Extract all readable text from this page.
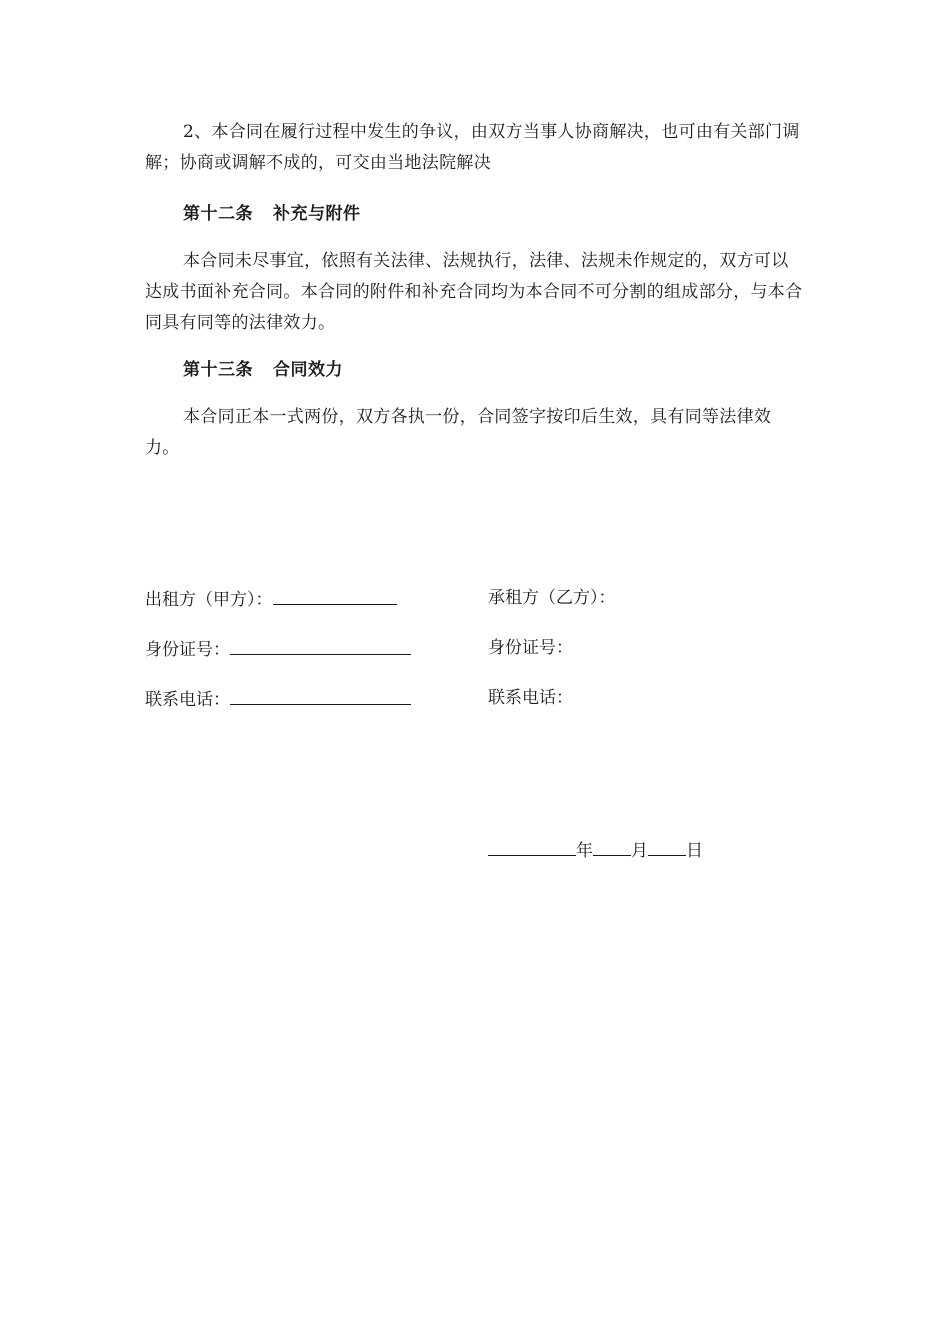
2、本合同在履行过程中发生的争议，由双方当事人协商解决，也可由有关部门调解；协商或调解不成的，可交由当地法院解决

第十二条 补充与附件

本合同未尽事宜，依照有关法律、法规执行，法律、法规未作规定的，双方可以达成书面补充合同。本合同的附件和补充合同均为本合同不可分割的组成部分，与本合同具有同等的法律效力。

第十三条 合同效力

本合同正本一式两份，双方各执一份，合同签字按印后生效，具有同等法律效力。

出租方（甲方）：
身份证号：
联系电话：
承租方（乙方）：
身份证号：
联系电话：
年 月 日
